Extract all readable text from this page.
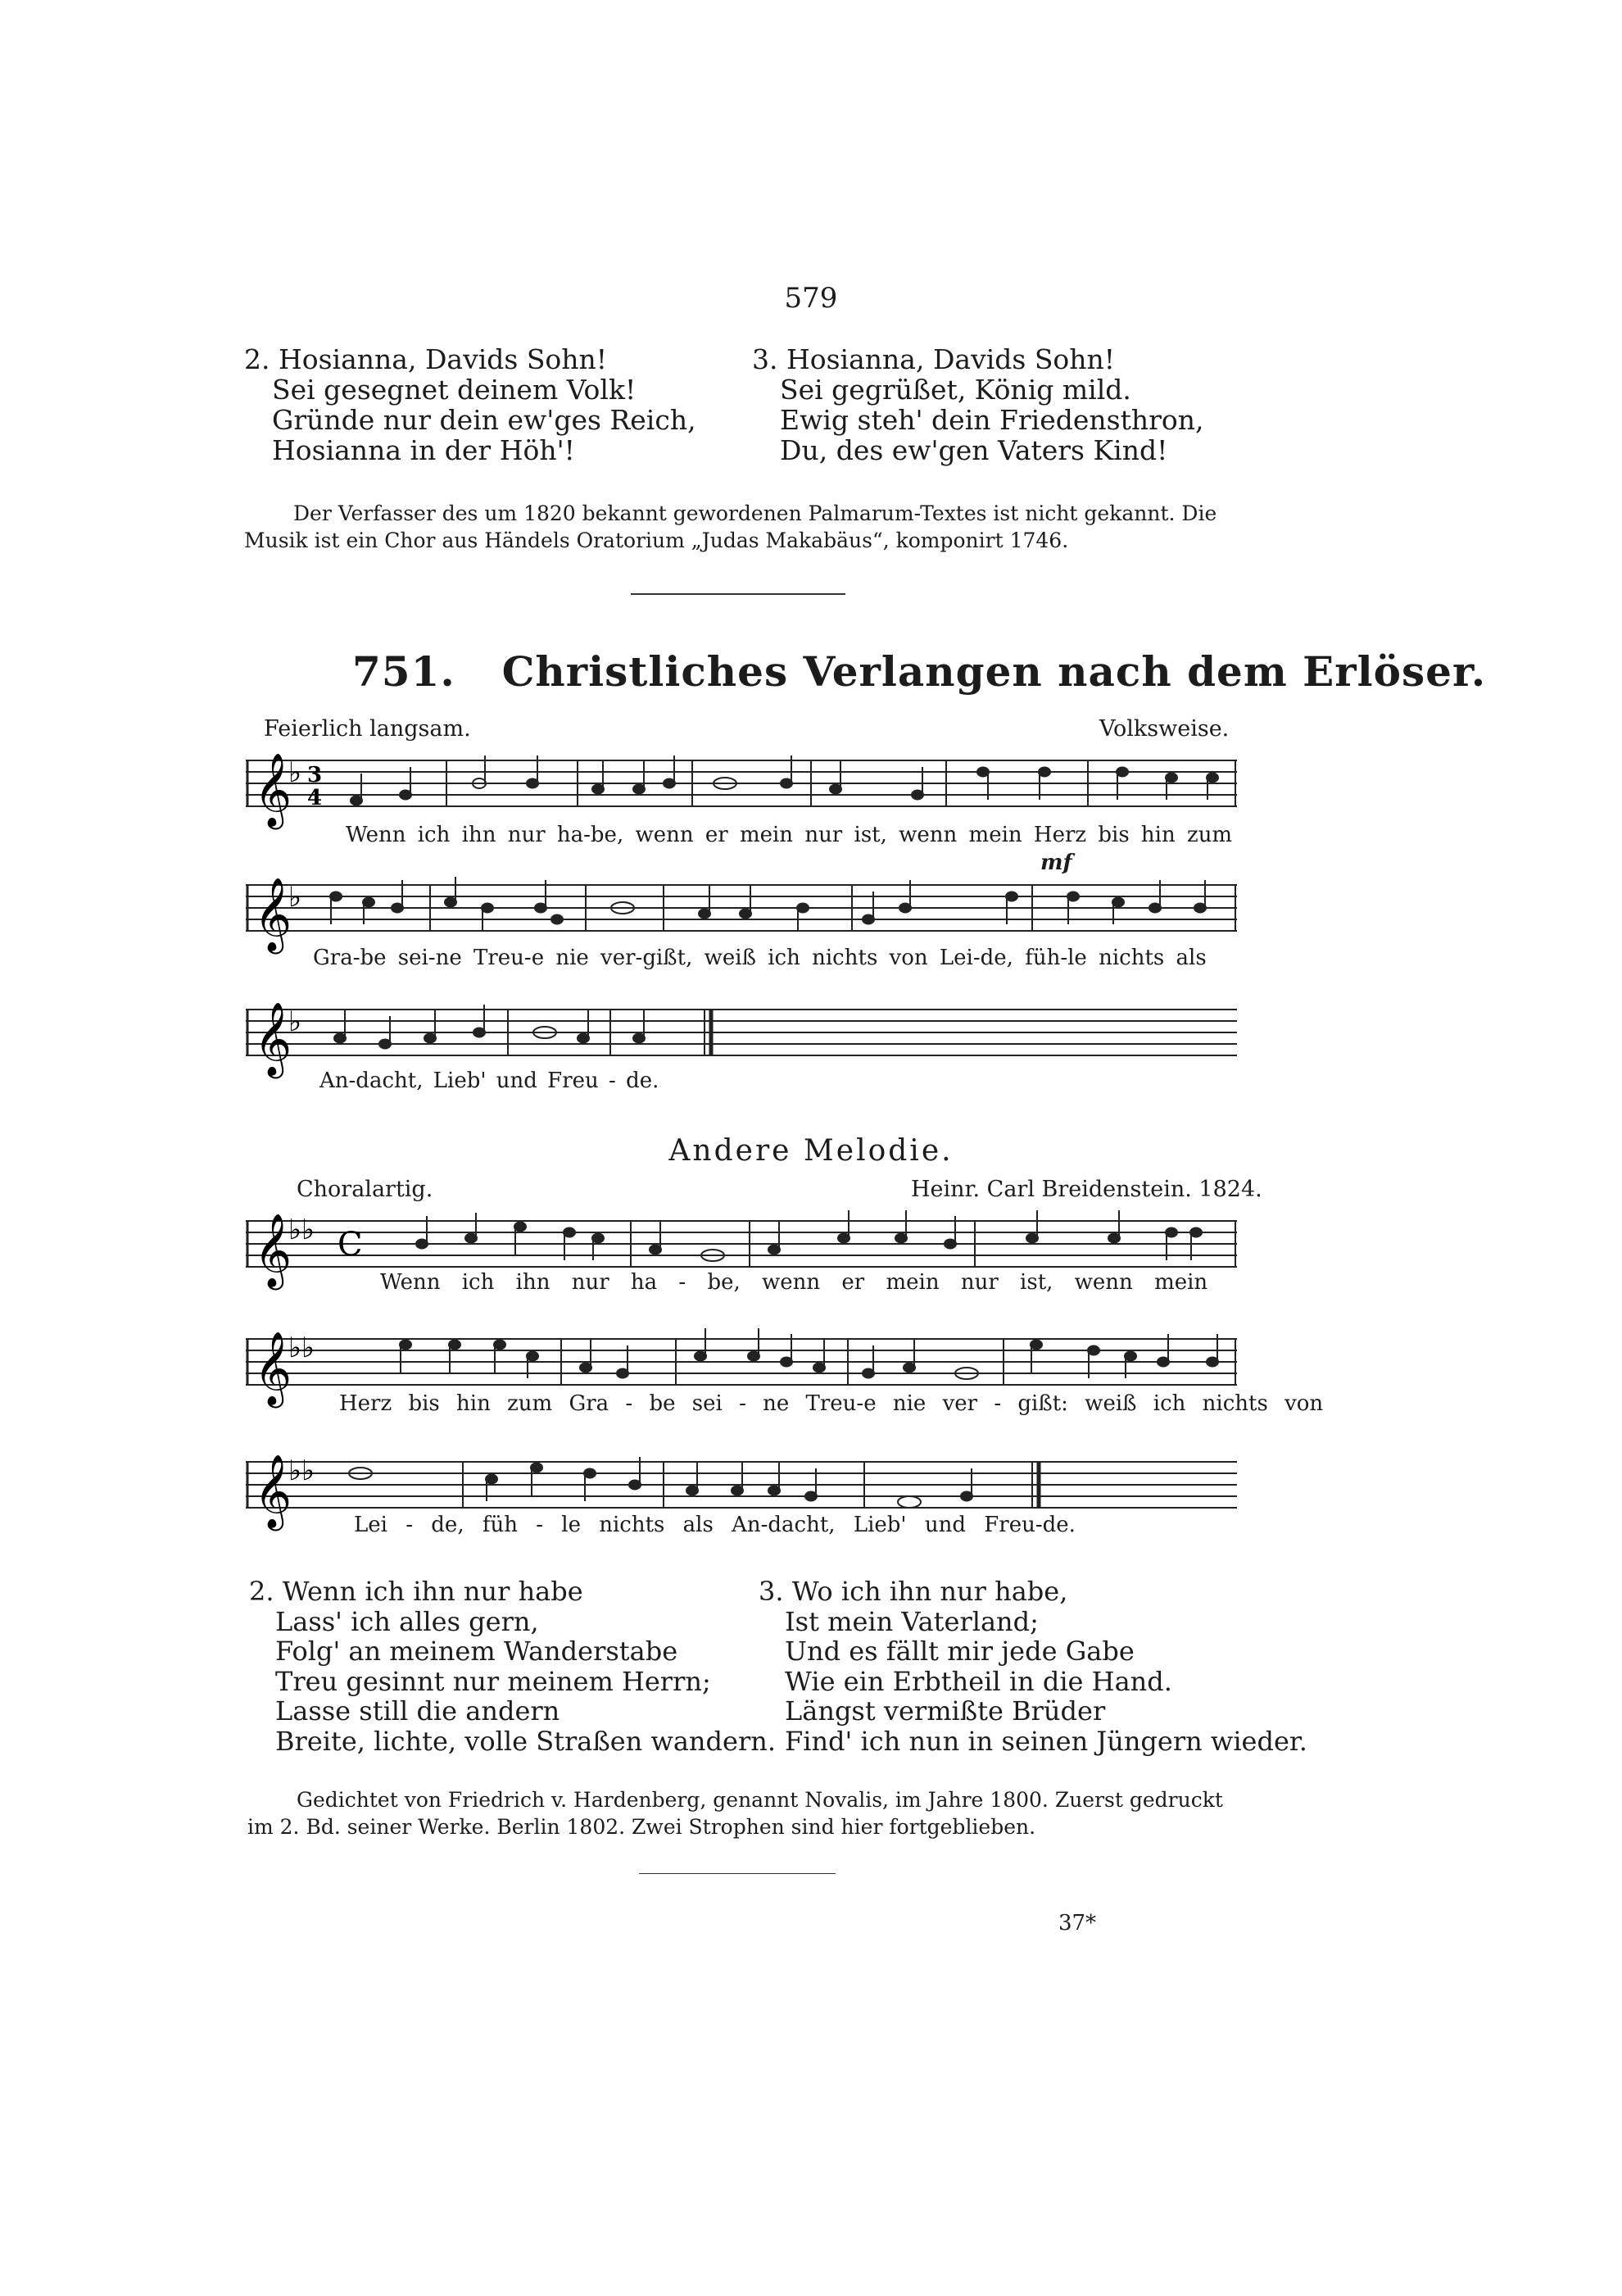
579
2. Hosianna, Davids Sohn!
Sei gesegnet deinem Volk!
Gründe nur dein ew'ges Reich,
Hosianna in der Höh'!
3. Hosianna, Davids Sohn!
Sei gegrüßet, König mild.
Ewig steh' dein Friedensthron,
Du, des ew'gen Vaters Kind!
Der Verfasser des um 1820 bekannt gewordenen Palmarum-Textes ist nicht gekannt. Die
Musik ist ein Chor aus Händels Oratorium „Judas Makabäus“, komponirt 1746.
751. Christliches Verlangen nach dem Erlöser.
Feierlich langsam.	Volksweise.
𝄞
♭ 3
4
Wenn ich ihn nur ha-be, wenn er mein nur ist, wenn mein Herz bis hin zum
mf
𝄞
♭
Gra-be sei-ne Treu-e nie ver-gißt, weiß ich nichts von Lei-de, füh-le nichts als
𝄞
♭
An-dacht, Lieb' und Freu - de.
Andere Melodie.
Choralartig.	Heinr. Carl Breidenstein. 1824.
𝄞
♭♭ C
Wenn ich ihn nur ha - be, wenn er mein nur ist, wenn mein
𝄞
♭♭
Herz bis hin zum Gra - be sei - ne Treu-e nie ver - gißt: weiß ich nichts von
𝄞
♭♭
Lei - de, füh - le nichts als An-dacht, Lieb' und Freu-de.
2. Wenn ich ihn nur habe
Lass' ich alles gern,
Folg' an meinem Wanderstabe
Treu gesinnt nur meinem Herrn;
Lasse still die andern
Breite, lichte, volle Straßen wandern.
3. Wo ich ihn nur habe,
Ist mein Vaterland;
Und es fällt mir jede Gabe
Wie ein Erbtheil in die Hand.
Längst vermißte Brüder
Find' ich nun in seinen Jüngern wieder.
Gedichtet von Friedrich v. Hardenberg, genannt Novalis, im Jahre 1800. Zuerst gedruckt
im 2. Bd. seiner Werke. Berlin 1802. Zwei Strophen sind hier fortgeblieben.
37*
